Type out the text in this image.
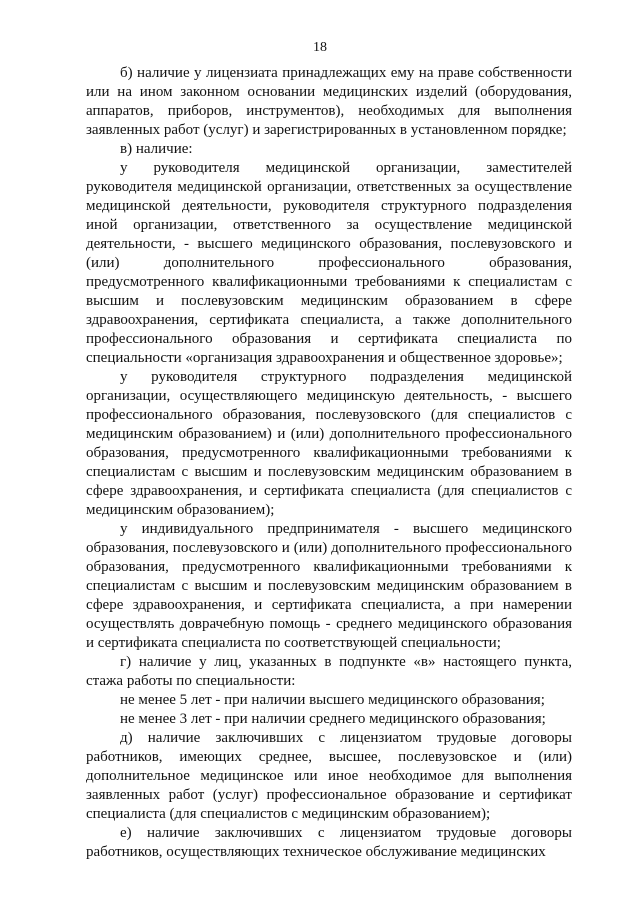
18

б) наличие у лицензиата принадлежащих ему на праве собственности или на ином законном основании медицинских изделий (оборудования, аппаратов, приборов, инструментов), необходимых для выполнения заявленных работ (услуг) и зарегистрированных в установленном порядке;

в) наличие:

у руководителя медицинской организации, заместителей руководителя медицинской организации, ответственных за осуществление медицинской деятельности, руководителя структурного подразделения иной организации, ответственного за осуществление медицинской деятельности, - высшего медицинского образования, послевузовского и (или) дополнительного профессионального образования, предусмотренного квалификационными требованиями к специалистам с высшим и послевузовским медицинским образованием в сфере здравоохранения, сертификата специалиста, а также дополнительного профессионального образования и сертификата специалиста по специальности «организация здравоохранения и общественное здоровье»;

у руководителя структурного подразделения медицинской организации, осуществляющего медицинскую деятельность, - высшего профессионального образования, послевузовского (для специалистов с медицинским образованием) и (или) дополнительного профессионального образования, предусмотренного квалификационными требованиями к специалистам с высшим и послевузовским медицинским образованием в сфере здравоохранения, и сертификата специалиста (для специалистов с медицинским образованием);

у индивидуального предпринимателя - высшего медицинского образования, послевузовского и (или) дополнительного профессионального образования, предусмотренного квалификационными требованиями к специалистам с высшим и послевузовским медицинским образованием в сфере здравоохранения, и сертификата специалиста, а при намерении осуществлять доврачебную помощь - среднего медицинского образования и сертификата специалиста по соответствующей специальности;

г) наличие у лиц, указанных в подпункте «в» настоящего пункта, стажа работы по специальности:

не менее 5 лет - при наличии высшего медицинского образования;

не менее 3 лет - при наличии среднего медицинского образования;

д) наличие заключивших с лицензиатом трудовые договоры работников, имеющих среднее, высшее, послевузовское и (или) дополнительное медицинское или иное необходимое для выполнения заявленных работ (услуг) профессиональное образование и сертификат специалиста (для специалистов с медицинским образованием);

е) наличие заключивших с лицензиатом трудовые договоры работников, осуществляющих техническое обслуживание медицинских
